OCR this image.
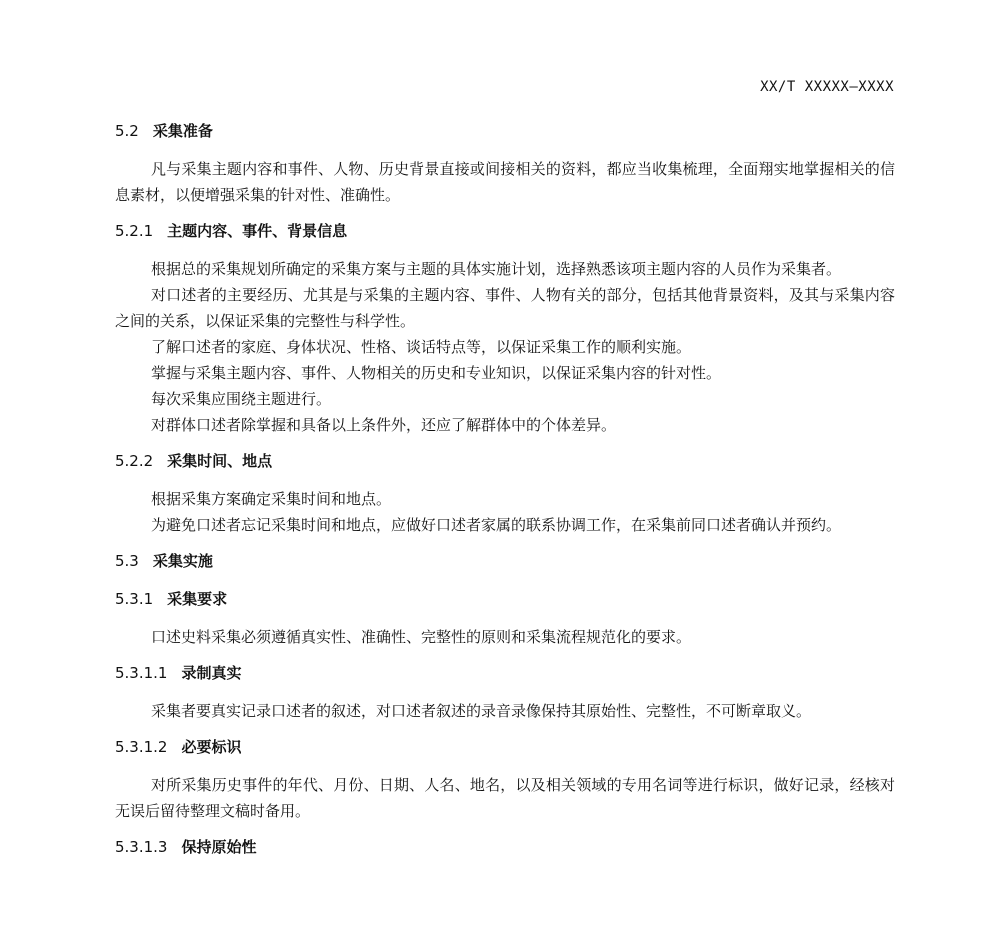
XX/T XXXXX—XXXX
5.2 采集准备

凡与采集主题内容和事件、人物、历史背景直接或间接相关的资料，都应当收集梳理，全面翔实地掌握相关的信息素材，以便增强采集的针对性、准确性。

5.2.1 主题内容、事件、背景信息

根据总的采集规划所确定的采集方案与主题的具体实施计划，选择熟悉该项主题内容的人员作为采集者。

对口述者的主要经历、尤其是与采集的主题内容、事件、人物有关的部分，包括其他背景资料，及其与采集内容之间的关系，以保证采集的完整性与科学性。

了解口述者的家庭、身体状况、性格、谈话特点等，以保证采集工作的顺利实施。

掌握与采集主题内容、事件、人物相关的历史和专业知识，以保证采集内容的针对性。

每次采集应围绕主题进行。

对群体口述者除掌握和具备以上条件外，还应了解群体中的个体差异。

5.2.2 采集时间、地点

根据采集方案确定采集时间和地点。

为避免口述者忘记采集时间和地点，应做好口述者家属的联系协调工作，在采集前同口述者确认并预约。

5.3 采集实施
5.3.1 采集要求

口述史料采集必须遵循真实性、准确性、完整性的原则和采集流程规范化的要求。

5.3.1.1 录制真实

采集者要真实记录口述者的叙述，对口述者叙述的录音录像保持其原始性、完整性，不可断章取义。

5.3.1.2 必要标识

对所采集历史事件的年代、月份、日期、人名、地名，以及相关领域的专用名词等进行标识，做好记录，经核对无误后留待整理文稿时备用。

5.3.1.3 保持原始性
